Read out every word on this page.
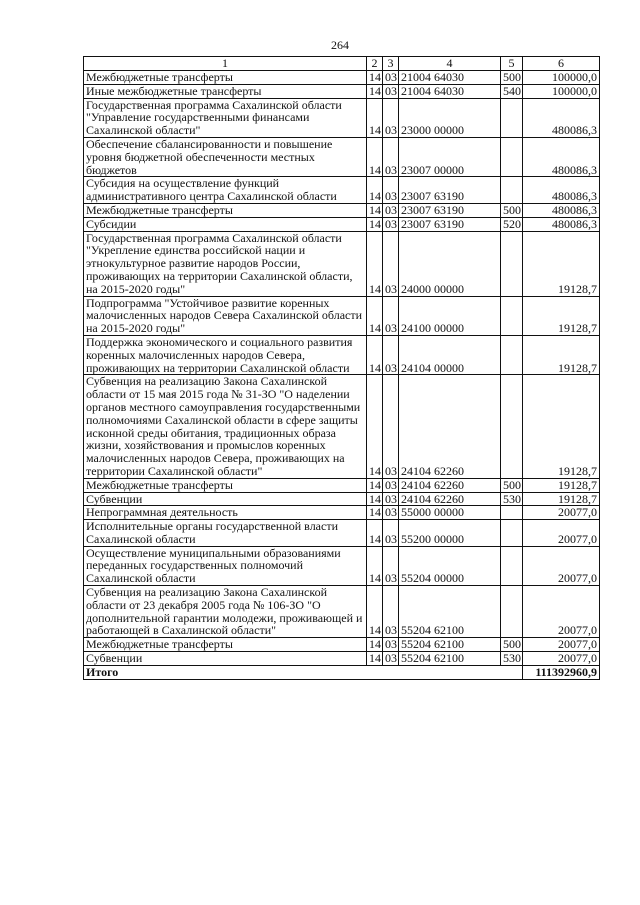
264
1	2	3	4	5	6
Межбюджетные трансферты	14	03	21004 64030	500	100000,0
Иные межбюджетные трансферты	14	03	21004 64030	540	100000,0
Государственная программа Сахалинской области "Управление государственными финансами Сахалинской области"	14	03	23000 00000		480086,3
Обеспечение сбалансированности и повышение уровня бюджетной обеспеченности местных бюджетов	14	03	23007 00000		480086,3
Субсидия на осуществление функций административного центра Сахалинской области	14	03	23007 63190		480086,3
Межбюджетные трансферты	14	03	23007 63190	500	480086,3
Субсидии	14	03	23007 63190	520	480086,3
Государственная программа Сахалинской области "Укрепление единства российской нации и этнокультурное развитие народов России, проживающих на территории Сахалинской области, на 2015-2020 годы"	14	03	24000 00000		19128,7
Подпрограмма "Устойчивое развитие коренных малочисленных народов Севера Сахалинской области на 2015-2020 годы"	14	03	24100 00000		19128,7
Поддержка экономического и социального развития коренных малочисленных народов Севера, проживающих на территории Сахалинской области	14	03	24104 00000		19128,7
Субвенция на реализацию Закона Сахалинской области от 15 мая 2015 года № 31-ЗО "О наделении органов местного самоуправления государственными полномочиями Сахалинской области в сфере защиты исконной среды обитания, традиционных образа жизни, хозяйствования и промыслов коренных малочисленных народов Севера, проживающих на территории Сахалинской области"	14	03	24104 62260		19128,7
Межбюджетные трансферты	14	03	24104 62260	500	19128,7
Субвенции	14	03	24104 62260	530	19128,7
Непрограммная деятельность	14	03	55000 00000		20077,0
Исполнительные органы государственной власти Сахалинской области	14	03	55200 00000		20077,0
Осуществление муниципальными образованиями переданных государственных полномочий Сахалинской области	14	03	55204 00000		20077,0
Субвенция на реализацию Закона Сахалинской области от 23 декабря 2005 года № 106-ЗО "О дополнительной гарантии молодежи, проживающей и работающей в Сахалинской области"	14	03	55204 62100		20077,0
Межбюджетные трансферты	14	03	55204 62100	500	20077,0
Субвенции	14	03	55204 62100	530	20077,0
Итого					111392960,9
